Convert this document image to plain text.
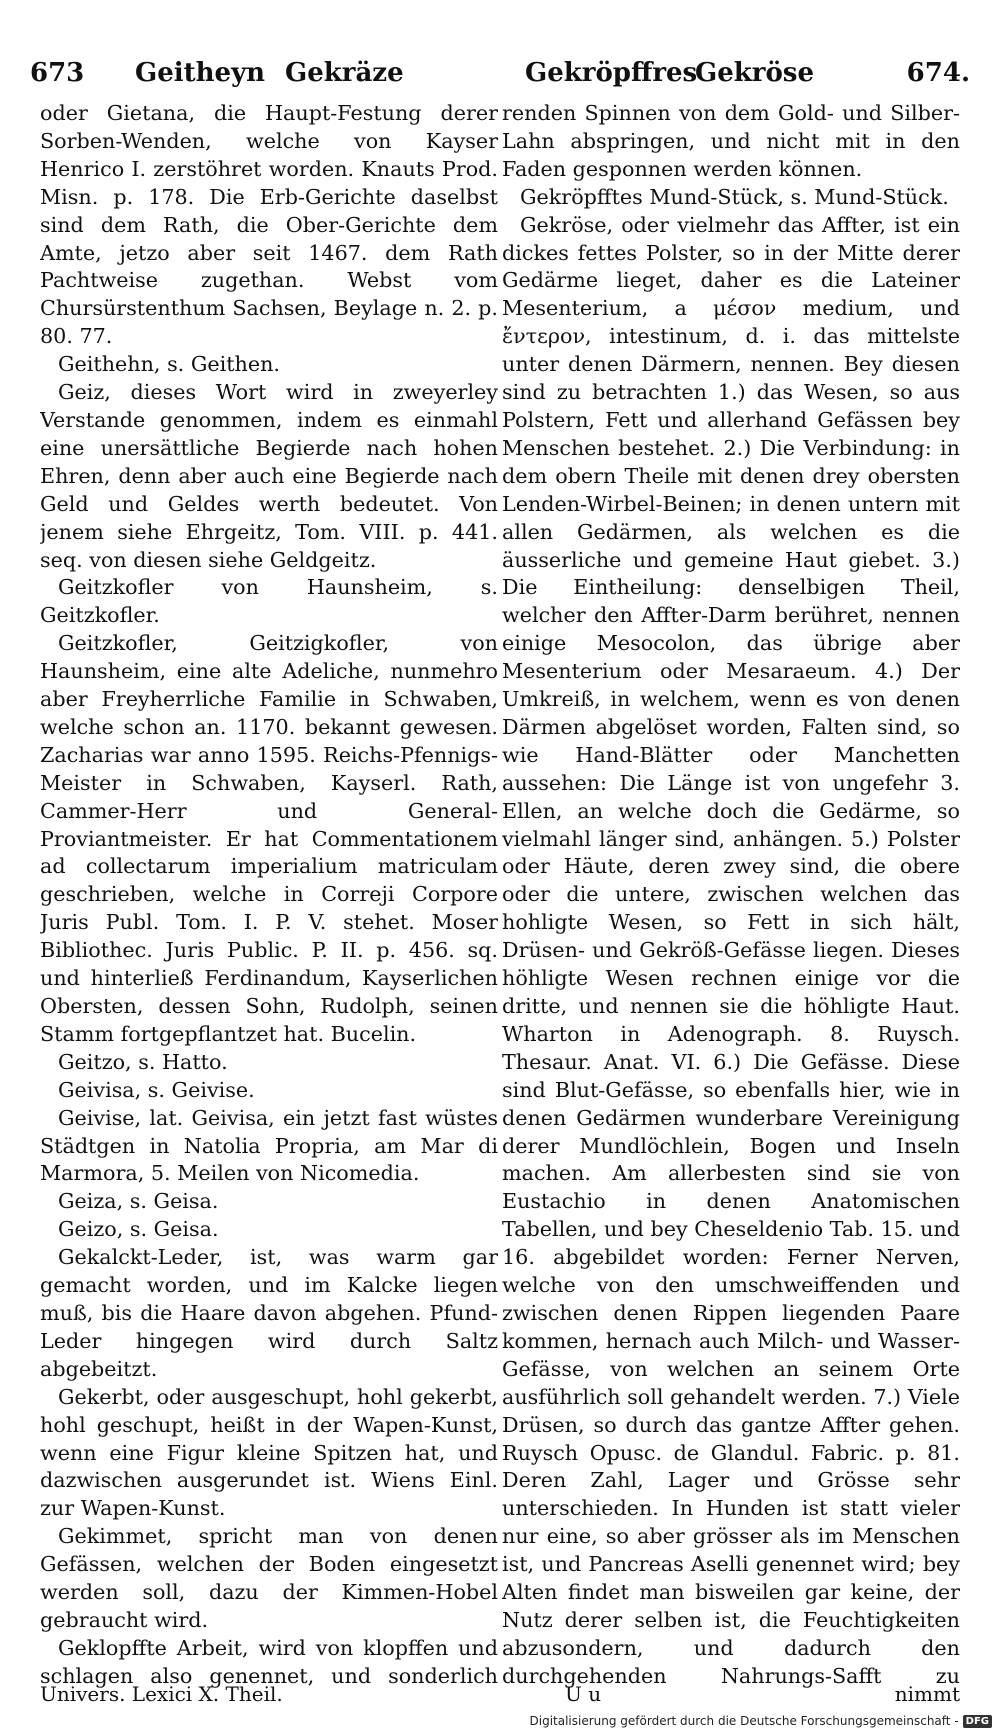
673 Geitheyn Gekräze	Gekröpffres
Gekröse	674.

oder Gietana, die Haupt-Festung derer Sorben-Wenden, welche von Kayser Henrico I. zerstöhret worden. Knauts Prod. Misn. p. 178. Die Erb-Gerichte daselbst sind dem Rath, die Ober-Gerichte dem Amte, jetzo aber seit 1467. dem Rath Pachtweise zugethan. Webst vom Chursürstenthum Sachsen, Beylage n. 2. p. 80. 77.

Geithehn, s. Geithen.

Geiz, dieses Wort wird in zweyerley Verstande genommen, indem es einmahl eine unersättliche Begierde nach hohen Ehren, denn aber auch eine Begierde nach Geld und Geldes werth bedeutet. Von jenem siehe Ehrgeitz, Tom. VIII. p. 441. seq. von diesen siehe Geldgeitz.

Geitzkofler von Haunsheim, s. Geitzkofler.

Geitzkofler, Geitzigkofler, von Haunsheim, eine alte Adeliche, nunmehro aber Freyherrliche Familie in Schwaben, welche schon an. 1170. bekannt gewesen. Zacharias war anno 1595. Reichs-Pfennigs-Meister in Schwaben, Kayserl. Rath, Cammer-Herr und General-Proviantmeister. Er hat Commentationem ad collectarum imperialium matriculam geschrieben, welche in Correji Corpore Juris Publ. Tom. I. P. V. stehet. Moser Bibliothec. Juris Public. P. II. p. 456. sq. und hinterließ Ferdinandum, Kayserlichen Obersten, dessen Sohn, Rudolph, seinen Stamm fortgepflantzet hat. Bucelin.

Geitzo, s. Hatto.

Geivisa, s. Geivise.

Geivise, lat. Geivisa, ein jetzt fast wüstes Städtgen in Natolia Propria, am Mar di Marmora, 5. Meilen von Nicomedia.

Geiza, s. Geisa.

Geizo, s. Geisa.

Gekalckt-Leder, ist, was warm gar gemacht worden, und im Kalcke liegen muß, bis die Haare davon abgehen. Pfund-Leder hingegen wird durch Saltz abgebeitzt.

Gekerbt, oder ausgeschupt, hohl gekerbt, hohl geschupt, heißt in der Wapen-Kunst, wenn eine Figur kleine Spitzen hat, und dazwischen ausgerundet ist. Wiens Einl. zur Wapen-Kunst.

Gekimmet, spricht man von denen Gefässen, welchen der Boden eingesetzt werden soll, dazu der Kimmen-Hobel gebraucht wird.

Geklopffte Arbeit, wird von klopffen und schlagen also genennet, und sonderlich

renden Spinnen von dem Gold- und Silber-Lahn abspringen, und nicht mit in den Faden gesponnen werden können.

Gekröpfftes Mund-Stück, s. Mund-Stück.

Gekröse, oder vielmehr das Affter, ist ein dickes fettes Polster, so in der Mitte derer Gedärme lieget, daher es die Lateiner Mesenterium, a μέσον medium, und ἔντερον, intestinum, d. i. das mittelste unter denen Därmern, nennen. Bey diesen sind zu betrachten 1.) das Wesen, so aus Polstern, Fett und allerhand Gefässen bey Menschen bestehet. 2.) Die Verbindung: in dem obern Theile mit denen drey obersten Lenden-Wirbel-Beinen; in denen untern mit allen Gedärmen, als welchen es die äusserliche und gemeine Haut giebet. 3.) Die Eintheilung: denselbigen Theil, welcher den Affter-Darm berühret, nennen einige Mesocolon, das übrige aber Mesenterium oder Mesaraeum. 4.) Der Umkreiß, in welchem, wenn es von denen Därmen abgelöset worden, Falten sind, so wie Hand-Blätter oder Manchetten aussehen: Die Länge ist von ungefehr 3. Ellen, an welche doch die Gedärme, so vielmahl länger sind, anhängen. 5.) Polster oder Häute, deren zwey sind, die obere oder die untere, zwischen welchen das hohligte Wesen, so Fett in sich hält, Drüsen- und Gekröß-Gefässe liegen. Dieses höhligte Wesen rechnen einige vor die dritte, und nennen sie die höhligte Haut. Wharton in Adenograph. 8. Ruysch. Thesaur. Anat. VI. 6.) Die Gefässe. Diese sind Blut-Gefässe, so ebenfalls hier, wie in denen Gedärmen wunderbare Vereinigung derer Mundlöchlein, Bogen und Inseln machen. Am allerbesten sind sie von Eustachio in denen Anatomischen Tabellen, und bey Cheseldenio Tab. 15. und 16. abgebildet worden: Ferner Nerven, welche von den umschweiffenden und zwischen denen Rippen liegenden Paare kommen, hernach auch Milch- und Wasser-Gefässe, von welchen an seinem Orte ausführlich soll gehandelt werden. 7.) Viele Drüsen, so durch das gantze Affter gehen. Ruysch Opusc. de Glandul. Fabric. p. 81. Deren Zahl, Lager und Grösse sehr unterschieden. In Hunden ist statt vieler nur eine, so aber grösser als im Menschen ist, und Pancreas Aselli genennet wird; bey Alten findet man bisweilen gar keine, der Nutz derer selben ist, die Feuchtigkeiten abzusondern, und dadurch den durchgehenden Nahrungs-Safft zu

Univers. Lexici X. Theil.	U u	nimmt
Digitalisierung gefördert durch die Deutsche Forschungsgemeinschaft - DFG
